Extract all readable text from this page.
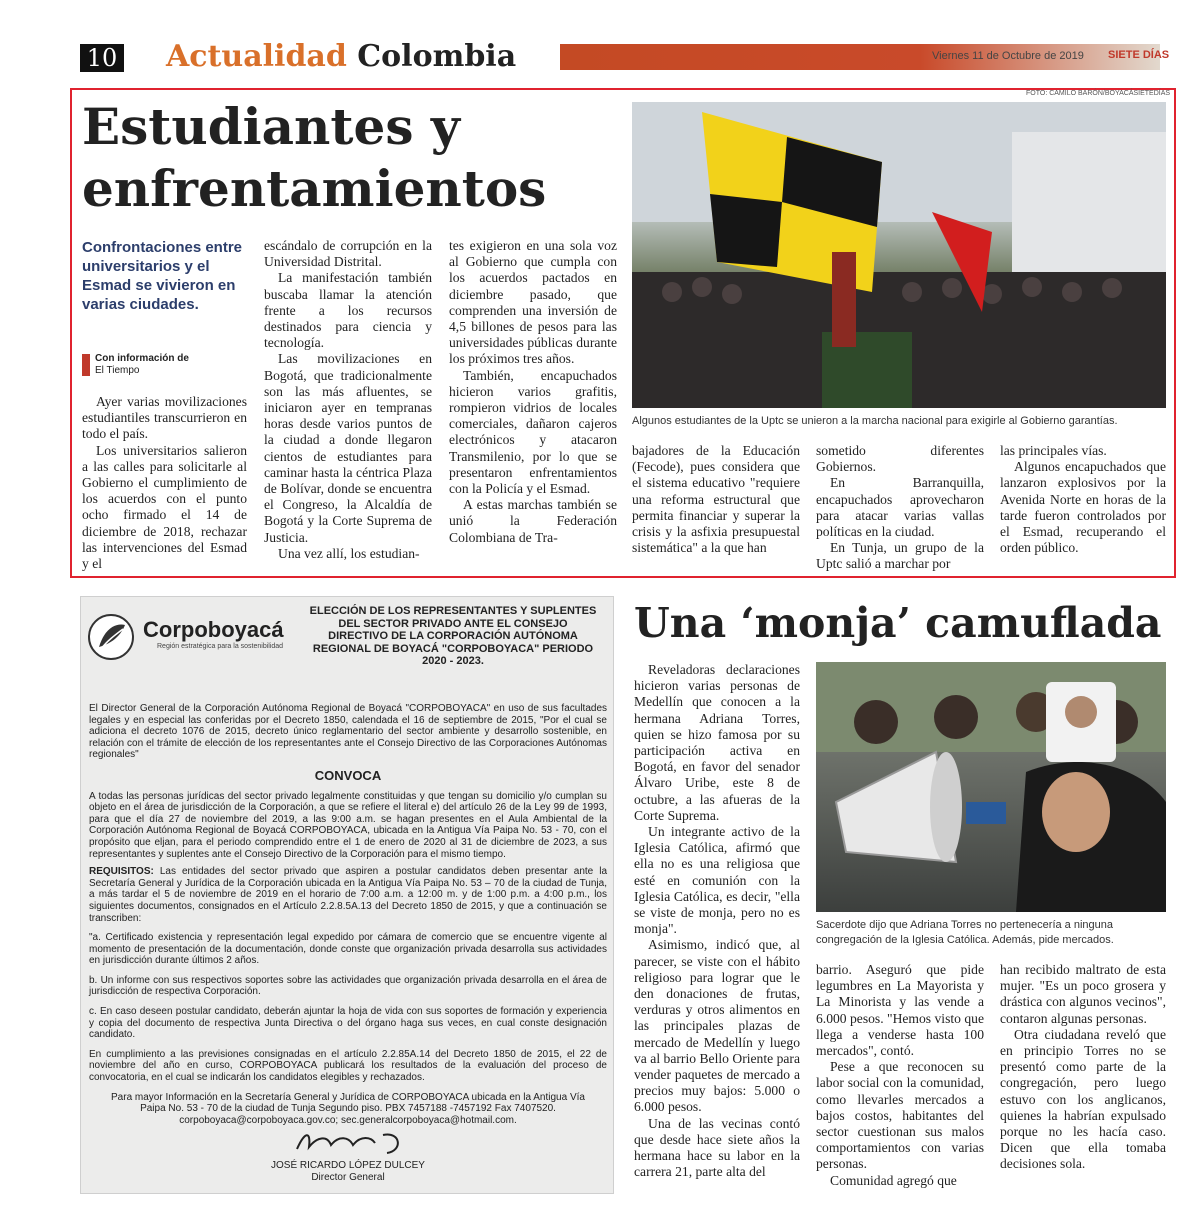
10 Actualidad Colombia	Viernes 11 de Octubre de 2019 SIETE DÍAS
FOTO: CAMILO BARÓN/BOYACÁSIETEDÍAS
Estudiantes y
enfrentamientos
Confrontaciones entre universitarios y el Esmad se vivieron en varias ciudades.
Con información de
El Tiempo

Ayer varias movilizaciones estudiantiles transcurrieron en todo el país.

Los universitarios salieron a las calles para solicitarle al Gobierno el cumplimiento de los acuerdos con el punto ocho firmado el 14 de diciembre de 2018, rechazar las intervenciones del Esmad y el

escándalo de corrupción en la Universidad Distrital.

La manifestación también buscaba llamar la atención frente a los recursos destinados para ciencia y tecnología.

Las movilizaciones en Bogotá, que tradicionalmente son las más afluentes, se iniciaron ayer en tempranas horas desde varios puntos de la ciudad a donde llegaron cientos de estudiantes para caminar hasta la céntrica Plaza de Bolívar, donde se encuentra el Congreso, la Alcaldía de Bogotá y la Corte Suprema de Justicia.

Una vez allí, los estudian-

tes exigieron en una sola voz al Gobierno que cumpla con los acuerdos pactados en diciembre pasado, que comprenden una inversión de 4,5 billones de pesos para las universidades públicas durante los próximos tres años.

También, encapuchados hicieron varios grafitis, rompieron vidrios de locales comerciales, dañaron cajeros electrónicos y atacaron Transmilenio, por lo que se presentaron enfrentamientos con la Policía y el Esmad.

A estas marchas también se unió la Federación Colombiana de Tra-

Algunos estudiantes de la Uptc se unieron a la marcha nacional para exigirle al Gobierno garantías.

bajadores de la Educación (Fecode), pues considera que el sistema educativo "requiere una reforma estructural que permita financiar y superar la crisis y la asfixia presupuestal sistemática" a la que han

sometido diferentes Gobiernos.

En Barranquilla, encapuchados aprovecharon para atacar varias vallas políticas en la ciudad.

En Tunja, un grupo de la Uptc salió a marchar por

las principales vías.

Algunos encapuchados que lanzaron explosivos por la Avenida Norte en horas de la tarde fueron controlados por el Esmad, recuperando el orden público.

Corpoboyacá
Región estratégica para la sostenibilidad
ELECCIÓN DE LOS REPRESENTANTES Y SUPLENTES DEL SECTOR PRIVADO ANTE EL CONSEJO DIRECTIVO DE LA CORPORACIÓN AUTÓNOMA REGIONAL DE BOYACÁ "CORPOBOYACA" PERIODO 2020 - 2023.

El Director General de la Corporación Autónoma Regional de Boyacá "CORPOBOYACA" en uso de sus facultades legales y en especial las conferidas por el Decreto 1850, calendada el 16 de septiembre de 2015, "Por el cual se adiciona el decreto 1076 de 2015, decreto único reglamentario del sector ambiente y desarrollo sostenible, en relación con el trámite de elección de los representantes ante el Consejo Directivo de las Corporaciones Autónomas regionales"

CONVOCA

A todas las personas jurídicas del sector privado legalmente constituidas y que tengan su domicilio y/o cumplan su objeto en el área de jurisdicción de la Corporación, a que se refiere el literal e) del artículo 26 de la Ley 99 de 1993, para que el día 27 de noviembre del 2019, a las 9:00 a.m. se hagan presentes en el Aula Ambiental de la Corporación Autónoma Regional de Boyacá CORPOBOYACA, ubicada en la Antigua Vía Paipa No. 53 - 70, con el propósito que eljan, para el periodo comprendido entre el 1 de enero de 2020 al 31 de diciembre de 2023, a sus representantes y suplentes ante el Consejo Directivo de la Corporación para el mismo tiempo.

REQUISITOS: Las entidades del sector privado que aspiren a postular candidatos deben presentar ante la Secretaría General y Jurídica de la Corporación ubicada en la Antigua Vía Paipa No. 53 – 70 de la ciudad de Tunja, a más tardar el 5 de noviembre de 2019 en el horario de 7:00 a.m. a 12:00 m. y de 1:00 p.m. a 4:00 p.m., los siguientes documentos, consignados en el Artículo 2.2.8.5A.13 del Decreto 1850 de 2015, y que a continuación se transcriben:

"a. Certificado existencia y representación legal expedido por cámara de comercio que se encuentre vigente al momento de presentación de la documentación, donde conste que organización privada desarrolla sus actividades en jurisdicción durante últimos 2 años.

b. Un informe con sus respectivos soportes sobre las actividades que organización privada desarrolla en el área de jurisdicción de respectiva Corporación.

c. En caso deseen postular candidato, deberán ajuntar la hoja de vida con sus soportes de formación y experiencia y copia del documento de respectiva Junta Directiva o del órgano haga sus veces, en cual conste designación candidato.

En cumplimiento a las previsiones consignadas en el artículo 2.2.85A.14 del Decreto 1850 de 2015, el 22 de noviembre del año en curso, CORPOBOYACA publicará los resultados de la evaluación del proceso de convocatoria, en el cual se indicarán los candidatos elegibles y rechazados.

Para mayor Información en la Secretaría General y Jurídica de CORPOBOYACA ubicada en la Antigua Vía Paipa No. 53 - 70 de la ciudad de Tunja Segundo piso. PBX 7457188 -7457192 Fax 7407520. corpoboyaca@corpoboyaca.gov.co; sec.generalcorpoboyaca@hotmail.com.

JOSÉ RICARDO LÓPEZ DULCEY
Director General
Una ‘monja’ camuflada

Reveladoras declaraciones hicieron varias personas de Medellín que conocen a la hermana Adriana Torres, quien se hizo famosa por su participación activa en Bogotá, en favor del senador Álvaro Uribe, este 8 de octubre, a las afueras de la Corte Suprema.

Un integrante activo de la Iglesia Católica, afirmó que ella no es una religiosa que esté en comunión con la Iglesia Católica, es decir, "ella se viste de monja, pero no es monja".

Asimismo, indicó que, al parecer, se viste con el hábito religioso para lograr que le den donaciones de frutas, verduras y otros alimentos en las principales plazas de mercado de Medellín y luego va al barrio Bello Oriente para vender paquetes de mercado a precios muy bajos: 5.000 o 6.000 pesos.

Una de las vecinas contó que desde hace siete años la hermana hace su labor en la carrera 21, parte alta del

Sacerdote dijo que Adriana Torres no pertenecería a ninguna congregación de la Iglesia Católica. Además, pide mercados.

barrio. Aseguró que pide legumbres en La Mayorista y La Minorista y las vende a 6.000 pesos. "Hemos visto que llega a venderse hasta 100 mercados", contó.

Pese a que reconocen su labor social con la comunidad, como llevarles mercados a bajos costos, habitantes del sector cuestionan sus malos comportamientos con varias personas.

Comunidad agregó que

han recibido maltrato de esta mujer. "Es un poco grosera y drástica con algunos vecinos", contaron algunas personas.

Otra ciudadana reveló que en principio Torres no se presentó como parte de la congregación, pero luego estuvo con los anglicanos, quienes la habrían expulsado porque no les hacía caso. Dicen que ella tomaba decisiones sola.
